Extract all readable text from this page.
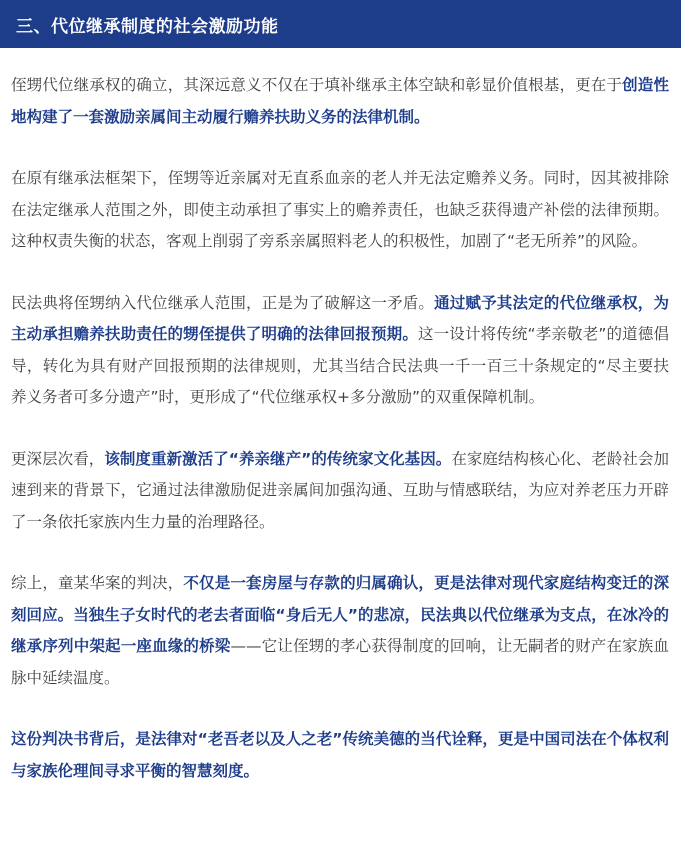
三、代位继承制度的社会激励功能

侄甥代位继承权的确立，其深远意义不仅在于填补继承主体空缺和彰显价值根基，更在于创造性地构建了一套激励亲属间主动履行赡养扶助义务的法律机制。

在原有继承法框架下，侄甥等近亲属对无直系血亲的老人并无法定赡养义务。同时，因其被排除在法定继承人范围之外，即使主动承担了事实上的赡养责任，也缺乏获得遗产补偿的法律预期。这种权责失衡的状态，客观上削弱了旁系亲属照料老人的积极性，加剧了“老无所养”的风险。

民法典将侄甥纳入代位继承人范围，正是为了破解这一矛盾。通过赋予其法定的代位继承权，为主动承担赡养扶助责任的甥侄提供了明确的法律回报预期。这一设计将传统“孝亲敬老”的道德倡导，转化为具有财产回报预期的法律规则，尤其当结合民法典一千一百三十条规定的“尽主要扶养义务者可多分遗产”时，更形成了“代位继承权+多分激励”的双重保障机制。

更深层次看，该制度重新激活了“养亲继产”的传统家文化基因。在家庭结构核心化、老龄社会加速到来的背景下，它通过法律激励促进亲属间加强沟通、互助与情感联结，为应对养老压力开辟了一条依托家族内生力量的治理路径。

综上，童某华案的判决，不仅是一套房屋与存款的归属确认，更是法律对现代家庭结构变迁的深刻回应。当独生子女时代的老去者面临“身后无人”的悲凉，民法典以代位继承为支点，在冰冷的继承序列中架起一座血缘的桥梁——它让侄甥的孝心获得制度的回响，让无嗣者的财产在家族血脉中延续温度。

这份判决书背后，是法律对“老吾老以及人之老”传统美德的当代诠释，更是中国司法在个体权利与家族伦理间寻求平衡的智慧刻度。
